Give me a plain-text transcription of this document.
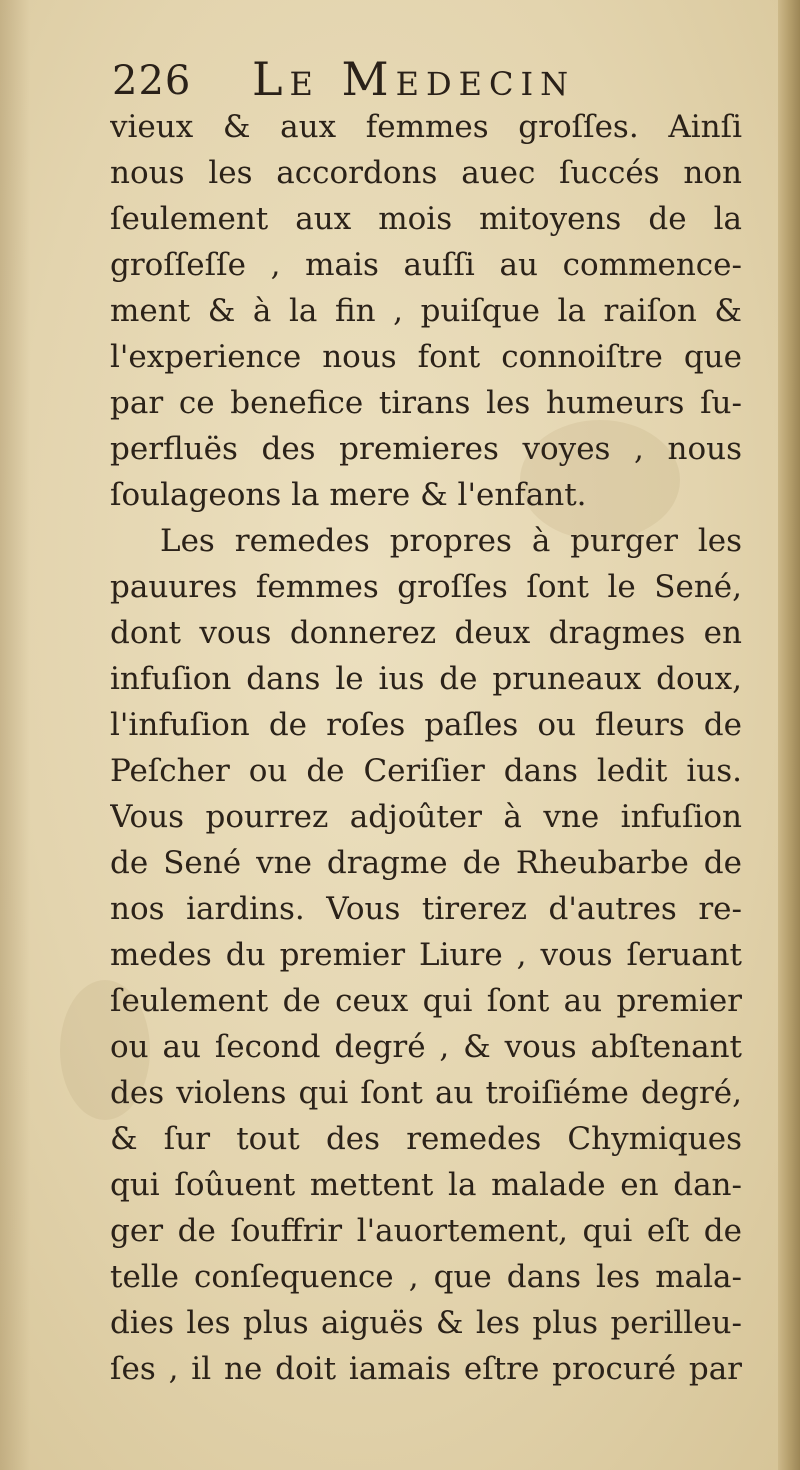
226 Le Medecin
vieux & aux femmes groſſes. Ainſi
nous les accordons auec ſuccés non
ſeulement aux mois mitoyens de la
groſſeſſe , mais auſſi au commence-
ment & à la fin , puiſque la raiſon &
l'experience nous font connoiſtre que
par ce benefice tirans les humeurs ſu-
perfluës des premieres voyes , nous
ſoulageons la mere & l'enfant.
Les remedes propres à purger les
pauures femmes groſſes ſont le Sené,
dont vous donnerez deux dragmes en
infuſion dans le ius de pruneaux doux,
l'infuſion de roſes paſles ou fleurs de
Peſcher ou de Ceriſier dans ledit ius.
Vous pourrez adjoûter à vne infuſion
de Sené vne dragme de Rheubarbe de
nos iardins. Vous tirerez d'autres re-
medes du premier Liure , vous ſeruant
ſeulement de ceux qui ſont au premier
ou au ſecond degré , & vous abſtenant
des violens qui ſont au troiſiéme degré,
& ſur tout des remedes Chymiques
qui ſoûuent mettent la malade en dan-
ger de ſouffrir l'auortement, qui eſt de
telle conſequence , que dans les mala-
dies les plus aiguës & les plus perilleu-
ſes , il ne doit iamais eſtre procuré par
